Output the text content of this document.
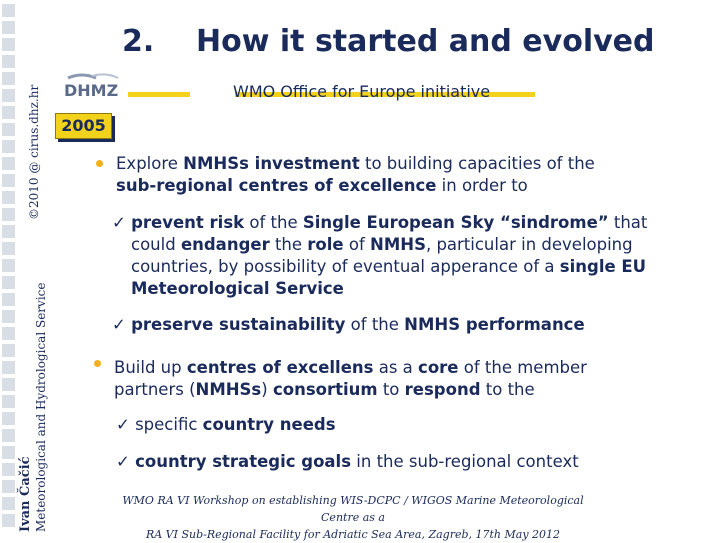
©2010 @ cirus.dhz.hr
Ivan Čačić Meteorological and Hydrological Service
2. How it started and evolved
DHMZ	WMO Office for Europe initiative
2005
Explore NMHSs investment to building capacities of the
sub-regional centres of excellence in order to
✓ prevent risk of the Single European Sky “sindrome” that
could endanger the role of NMHS, particular in developing
countries, by possibility of eventual apperance of a single EU
Meteorological Service
✓ preserve sustainability of the NMHS performance
Build up centres of excellens as a core of the member
partners (NMHSs) consortium to respond to the
✓ specific country needs
✓ country strategic goals in the sub-regional context
WMO RA VI Workshop on establishing WIS-DCPC / WIGOS Marine Meteorological Centre as a
RA VI Sub-Regional Facility for Adriatic Sea Area, Zagreb, 17th May 2012
